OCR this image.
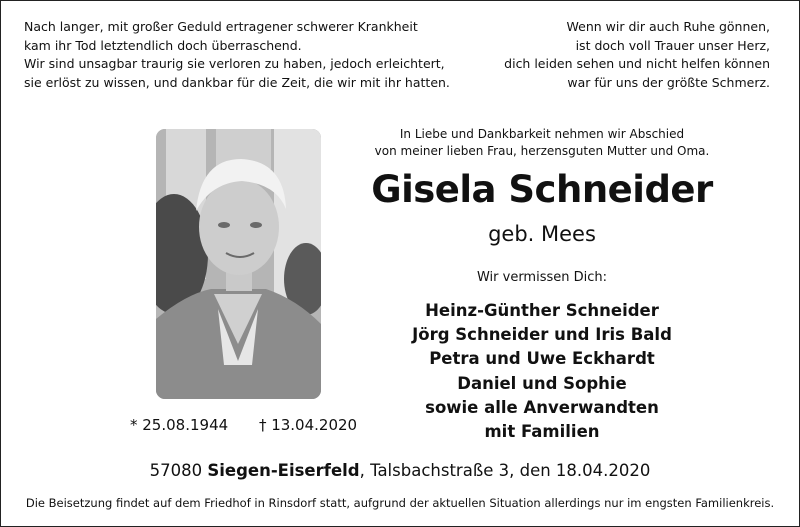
Nach langer, mit großer Geduld ertragener schwerer Krankheit
kam ihr Tod letztendlich doch überraschend.
Wir sind unsagbar traurig sie verloren zu haben, jedoch erleichtert,
sie erlöst zu wissen, und dankbar für die Zeit, die wir mit ihr hatten.
Wenn wir dir auch Ruhe gönnen,
ist doch voll Trauer unser Herz,
dich leiden sehen und nicht helfen können
war für uns der größte Schmerz.
* 25.08.1944 † 13.04.2020
In Liebe und Dankbarkeit nehmen wir Abschied
von meiner lieben Frau, herzensguten Mutter und Oma.
Gisela Schneider
geb. Mees
Wir vermissen Dich:
Heinz-Günther Schneider
Jörg Schneider und Iris Bald
Petra und Uwe Eckhardt
Daniel und Sophie
sowie alle Anverwandten
mit Familien
57080 Siegen-Eiserfeld, Talsbachstraße 3, den 18.04.2020
Die Beisetzung findet auf dem Friedhof in Rinsdorf statt, aufgrund der aktuellen Situation allerdings nur im engsten Familienkreis.
